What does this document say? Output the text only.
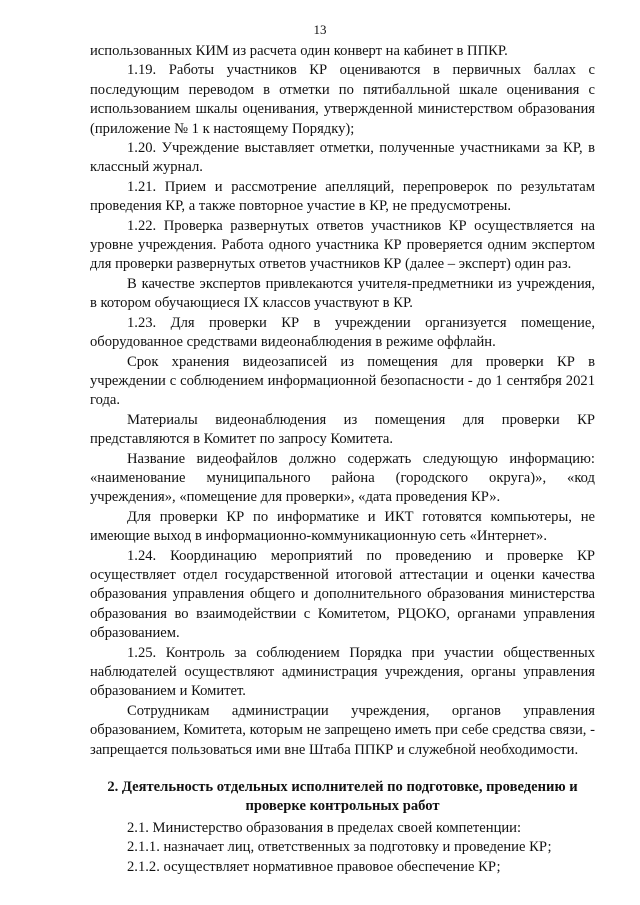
13

использованных КИМ из расчета один конверт на кабинет в ППКР.

1.19. Работы участников КР оцениваются в первичных баллах с последующим переводом в отметки по пятибалльной шкале оценивания с использованием шкалы оценивания, утвержденной министерством образования (приложение № 1 к настоящему Порядку);

1.20. Учреждение выставляет отметки, полученные участниками за КР, в классный журнал.

1.21. Прием и рассмотрение апелляций, перепроверок по результатам проведения КР, а также повторное участие в КР, не предусмотрены.

1.22. Проверка развернутых ответов участников КР осуществляется на уровне учреждения. Работа одного участника КР проверяется одним экспертом для проверки развернутых ответов участников КР (далее – эксперт) один раз.

В качестве экспертов привлекаются учителя-предметники из учреждения, в котором обучающиеся IX классов участвуют в КР.

1.23. Для проверки КР в учреждении организуется помещение, оборудованное средствами видеонаблюдения в режиме оффлайн.

Срок хранения видеозаписей из помещения для проверки КР в учреждении с соблюдением информационной безопасности - до 1 сентября 2021 года.

Материалы видеонаблюдения из помещения для проверки КР представляются в Комитет по запросу Комитета.

Название видеофайлов должно содержать следующую информацию: «наименование муниципального района (городского округа)», «код учреждения», «помещение для проверки», «дата проведения КР».

Для проверки КР по информатике и ИКТ готовятся компьютеры, не имеющие выход в информационно-коммуникационную сеть «Интернет».

1.24. Координацию мероприятий по проведению и проверке КР осуществляет отдел государственной итоговой аттестации и оценки качества образования управления общего и дополнительного образования министерства образования во взаимодействии с Комитетом, РЦОКО, органами управления образованием.

1.25. Контроль за соблюдением Порядка при участии общественных наблюдателей осуществляют администрация учреждения, органы управления образованием и Комитет.

Сотрудникам администрации учреждения, органов управления образованием, Комитета, которым не запрещено иметь при себе средства связи, - запрещается пользоваться ими вне Штаба ППКР и служебной необходимости.

2. Деятельность отдельных исполнителей по подготовке, проведению и проверке контрольных работ

2.1. Министерство образования в пределах своей компетенции:

2.1.1. назначает лиц, ответственных за подготовку и проведение КР;

2.1.2. осуществляет нормативное правовое обеспечение КР;
